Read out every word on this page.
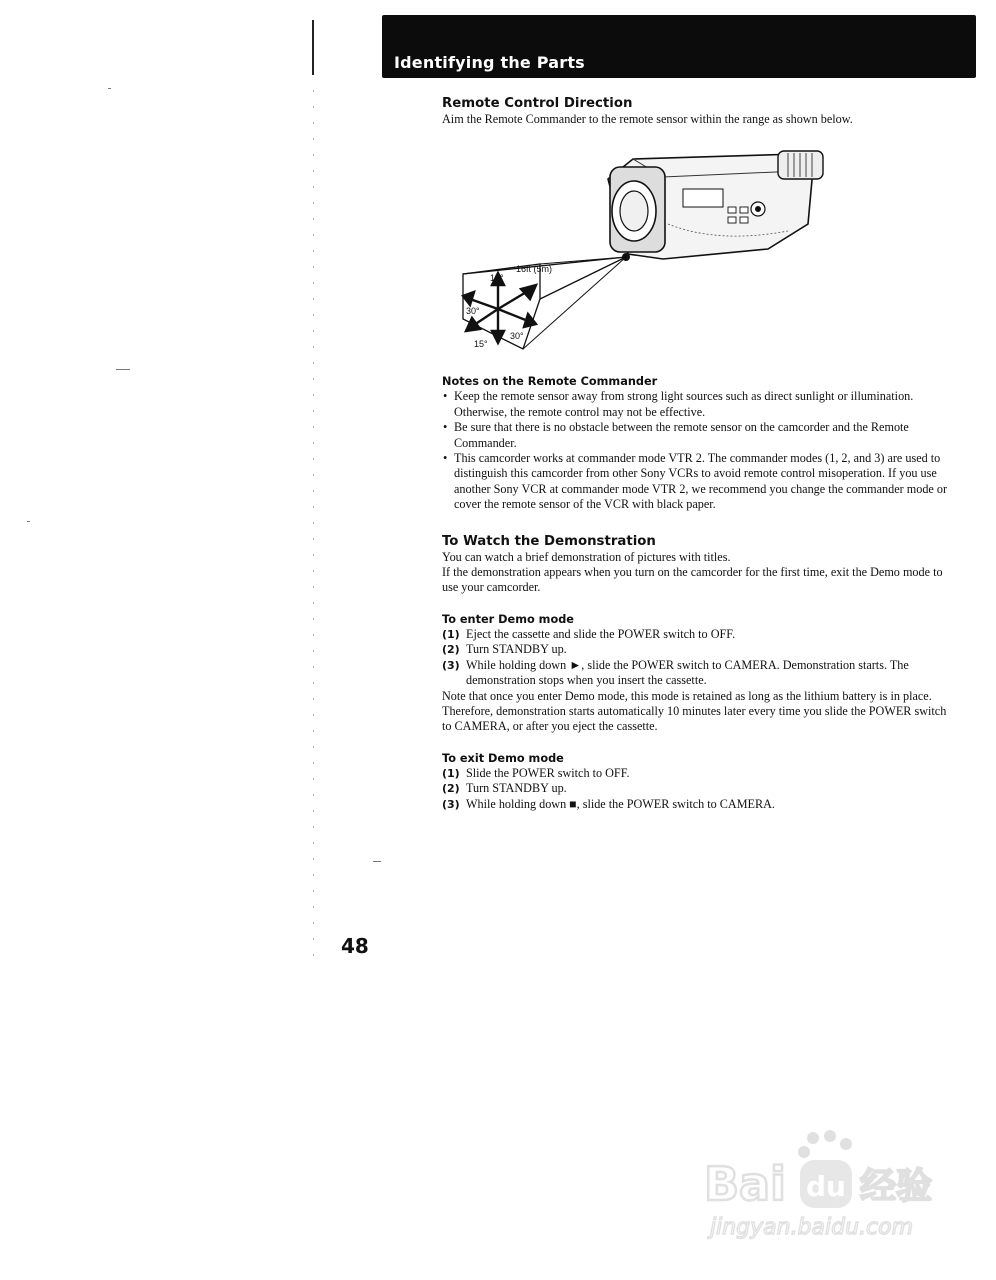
Identifying the Parts
Remote Control Direction

Aim the Remote Commander to the remote sensor within the range as shown below.

16ft (5m)
15°
30°
15°
30°
Notes on the Remote Commander
• Keep the remote sensor away from strong light sources such as direct sunlight or illumination. Otherwise, the remote control may not be effective.
• Be sure that there is no obstacle between the remote sensor on the camcorder and the Remote Commander.
• This camcorder works at commander mode VTR 2. The commander modes (1, 2, and 3) are used to distinguish this camcorder from other Sony VCRs to avoid remote control misoperation. If you use another Sony VCR at commander mode VTR 2, we recommend you change the commander mode or cover the remote sensor of the VCR with black paper.
To Watch the Demonstration

You can watch a brief demonstration of pictures with titles.

If the demonstration appears when you turn on the camcorder for the first time, exit the Demo mode to use your camcorder.

To enter Demo mode
(1) Eject the cassette and slide the POWER switch to OFF.
(2) Turn STANDBY up.
(3) While holding down ►, slide the POWER switch to CAMERA. Demonstration starts. The demonstration stops when you insert the cassette.

Note that once you enter Demo mode, this mode is retained as long as the lithium battery is in place. Therefore, demonstration starts automatically 10 minutes later every time you slide the POWER switch to CAMERA, or after you eject the cassette.

To exit Demo mode
(1) Slide the POWER switch to OFF.
(2) Turn STANDBY up.
(3) While holding down ■, slide the POWER switch to CAMERA.
48
Bai du 经验
jingyan.baidu.com
